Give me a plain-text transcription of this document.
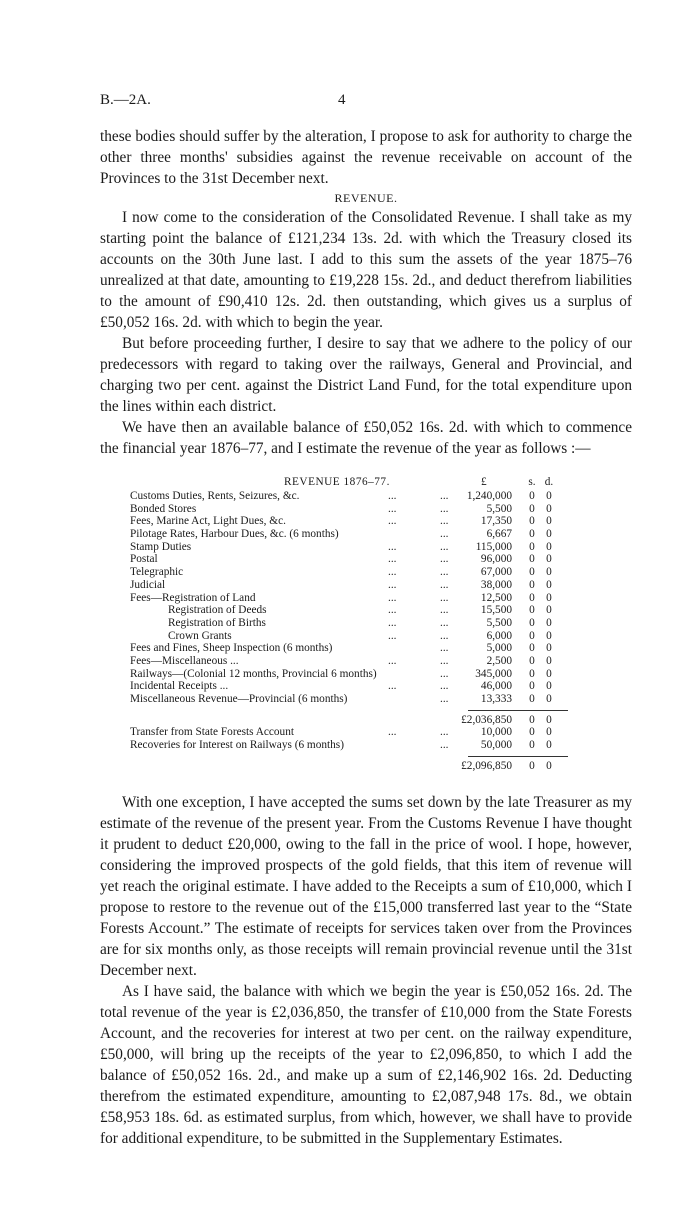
B.—2A.	4

these bodies should suffer by the alteration, I propose to ask for authority to charge the other three months' subsidies against the revenue receivable on account of the Provinces to the 31st December next.

REVENUE.

I now come to the consideration of the Consolidated Revenue. I shall take as my starting point the balance of £121,234 13s. 2d. with which the Treasury closed its accounts on the 30th June last. I add to this sum the assets of the year 1875–76 unrealized at that date, amounting to £19,228 15s. 2d., and deduct therefrom liabilities to the amount of £90,410 12s. 2d. then outstanding, which gives us a surplus of £50,052 16s. 2d. with which to begin the year.

But before proceeding further, I desire to say that we adhere to the policy of our predecessors with regard to taking over the railways, General and Provincial, and charging two per cent. against the District Land Fund, for the total expenditure upon the lines within each district.

We have then an available balance of £50,052 16s. 2d. with which to commence the financial year 1876–77, and I estimate the revenue of the year as follows :—

REVENUE 1876–77.	£	s. d.
Customs Duties, Rents, Seizures, &c.	...	...	1,240,000 0 0
Bonded Stores	...	...	5,500 0 0
Fees, Marine Act, Light Dues, &c.	...	...	17,350 0 0
Pilotage Rates, Harbour Dues, &c. (6 months)	...	6,667 0 0
Stamp Duties	...	...	115,000 0 0
Postal	...	...	96,000 0 0
Telegraphic	...	...	67,000 0 0
Judicial	...	...	38,000 0 0
Fees—Registration of Land	...	...	12,500 0 0
Registration of Deeds	...	...	15,500 0 0
Registration of Births	...	...	5,500 0 0
Crown Grants	...	...	6,000 0 0
Fees and Fines, Sheep Inspection (6 months)	...	5,000 0 0
Fees—Miscellaneous ...	...	...	2,500 0 0
Railways—(Colonial 12 months, Provincial 6 months)	...	345,000 0 0
Incidental Receipts ...	...	...	46,000 0 0
Miscellaneous Revenue—Provincial (6 months)	...	13,333 0 0
£2,036,850 0 0
Transfer from State Forests Account	...	...	10,000 0 0
Recoveries for Interest on Railways (6 months)	...	50,000 0 0
£2,096,850 0 0

With one exception, I have accepted the sums set down by the late Treasurer as my estimate of the revenue of the present year. From the Customs Revenue I have thought it prudent to deduct £20,000, owing to the fall in the price of wool. I hope, however, considering the improved prospects of the gold fields, that this item of revenue will yet reach the original estimate. I have added to the Receipts a sum of £10,000, which I propose to restore to the revenue out of the £15,000 transferred last year to the “State Forests Account.” The estimate of receipts for services taken over from the Provinces are for six months only, as those receipts will remain provincial revenue until the 31st December next.

As I have said, the balance with which we begin the year is £50,052 16s. 2d. The total revenue of the year is £2,036,850, the transfer of £10,000 from the State Forests Account, and the recoveries for interest at two per cent. on the railway expenditure, £50,000, will bring up the receipts of the year to £2,096,850, to which I add the balance of £50,052 16s. 2d., and make up a sum of £2,146,902 16s. 2d. Deducting therefrom the estimated expenditure, amounting to £2,087,948 17s. 8d., we obtain £58,953 18s. 6d. as estimated surplus, from which, however, we shall have to provide for additional expenditure, to be submitted in the Supplementary Estimates.
